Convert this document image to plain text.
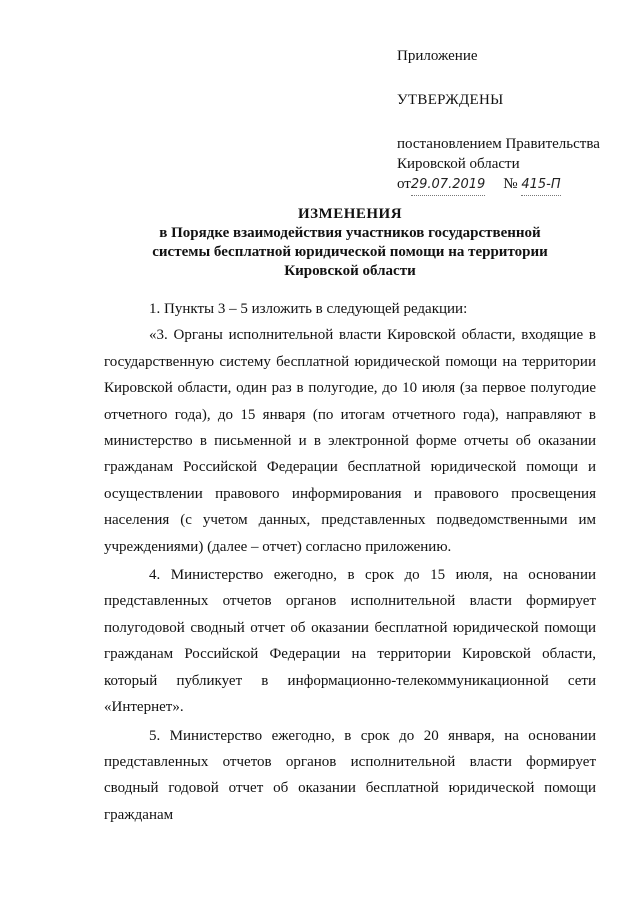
Приложение

УТВЕРЖДЕНЫ

постановлением Правительства
Кировской области
от29.07.2019 № 415-П

ИЗМЕНЕНИЯ
в Порядке взаимодействия участников государственной
системы бесплатной юридической помощи на территории
Кировской области

1. Пункты 3 – 5 изложить в следующей редакции:

«3. Органы исполнительной власти Кировской области, входящие в государственную систему бесплатной юридической помощи на территории Кировской области, один раз в полугодие, до 10 июля (за первое полугодие отчетного года), до 15 января (по итогам отчетного года), направляют в министерство в письменной и в электронной форме отчеты об оказании гражданам Российской Федерации бесплатной юридической помощи и осуществлении правового информирования и правового просвещения населения (с учетом данных, представленных подведомственными им учреждениями) (далее – отчет) согласно приложению.

4. Министерство ежегодно, в срок до 15 июля, на основании представленных отчетов органов исполнительной власти формирует полугодовой сводный отчет об оказании бесплатной юридической помощи гражданам Российской Федерации на территории Кировской области, который публикует в информационно-телекоммуникационной сети «Интернет».

5. Министерство ежегодно, в срок до 20 января, на основании представленных отчетов органов исполнительной власти формирует сводный годовой отчет об оказании бесплатной юридической помощи гражданам
